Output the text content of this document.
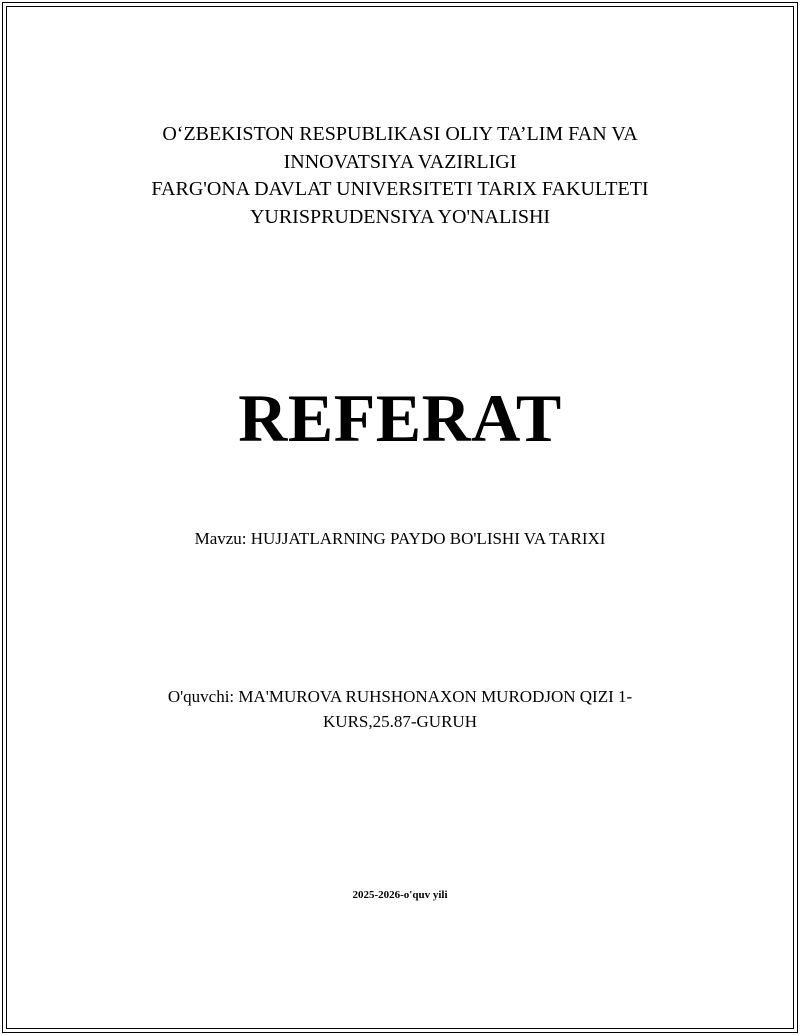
O‘ZBEKISTON RESPUBLIKASI OLIY TA’LIM FAN VA
INNOVATSIYA VAZIRLIGI
FARG'ONA DAVLAT UNIVERSITETI TARIX FAKULTETI
YURISPRUDENSIYA YO'NALISHI
REFERAT
Mavzu: HUJJATLARNING PAYDO BO'LISHI VA TARIXI
O'quvchi: MA'MUROVA RUHSHONAXON MURODJON QIZI 1-
KURS,25.87-GURUH
2025-2026-o'quv yili
